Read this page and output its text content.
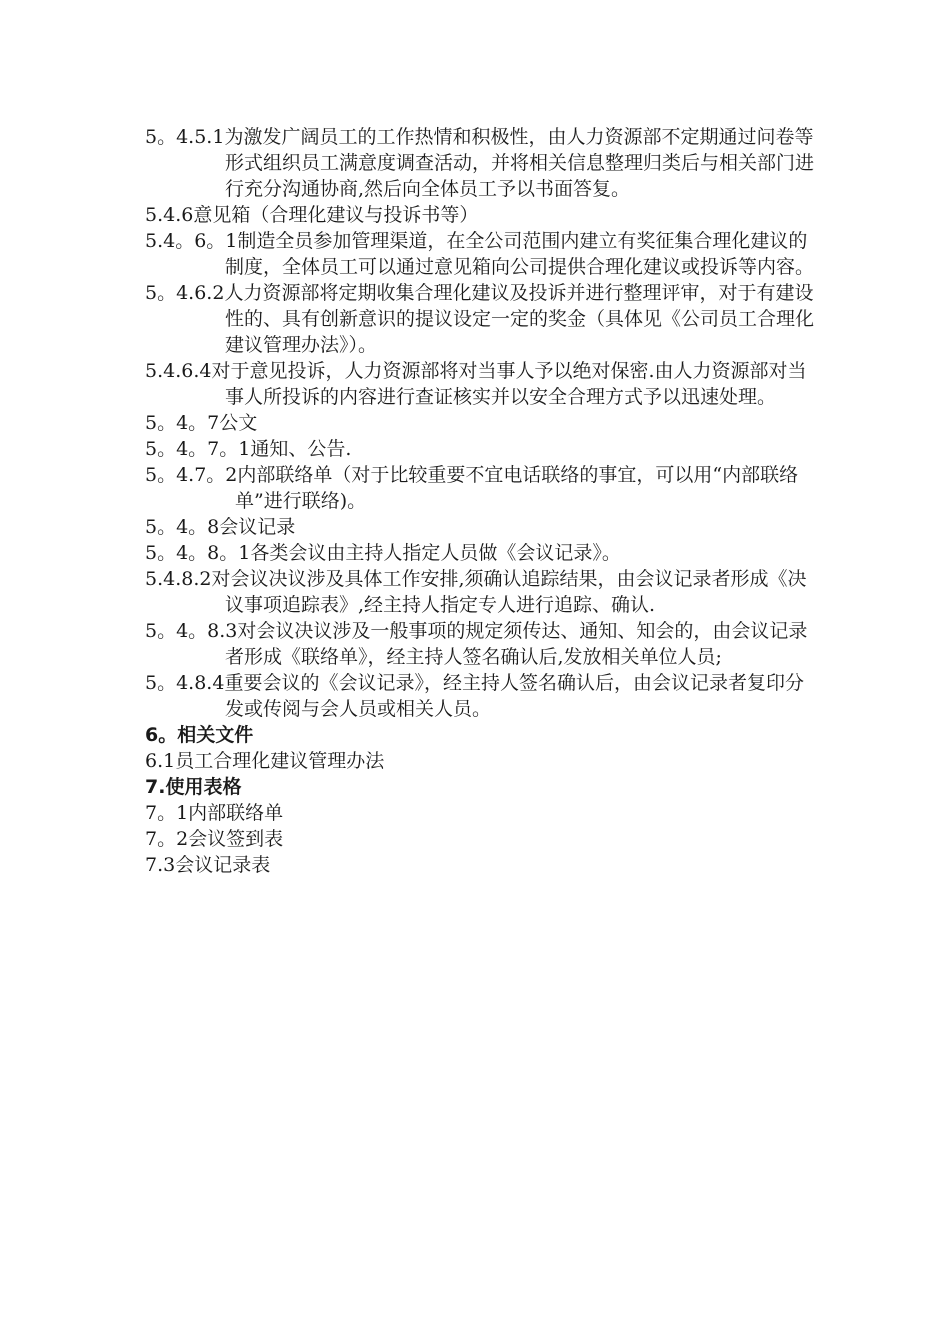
5。4.5.1为激发广阔员工的工作热情和积极性，由人力资源部不定期通过问卷等形式组织员工满意度调查活动，并将相关信息整理归类后与相关部门进行充分沟通协商,然后向全体员工予以书面答复。

5.4.6意见箱（合理化建议与投诉书等）

5.4。6。1制造全员参加管理渠道，在全公司范围内建立有奖征集合理化建议的制度，全体员工可以通过意见箱向公司提供合理化建议或投诉等内容。

5。4.6.2人力资源部将定期收集合理化建议及投诉并进行整理评审，对于有建设性的、具有创新意识的提议设定一定的奖金（具体见《公司员工合理化建议管理办法》）。

5.4.6.4对于意见投诉，人力资源部将对当事人予以绝对保密.由人力资源部对当事人所投诉的内容进行查证核实并以安全合理方式予以迅速处理。

5。4。7公文

5。4。7。1通知、公告.

5。4.7。2内部联络单（对于比较重要不宜电话联络的事宜，可以用“内部联络单”进行联络)。

5。4。8会议记录

5。4。8。1各类会议由主持人指定人员做《会议记录》。

5.4.8.2对会议决议涉及具体工作安排,须确认追踪结果，由会议记录者形成《决议事项追踪表》,经主持人指定专人进行追踪、确认.

5。4。8.3对会议决议涉及一般事项的规定须传达、通知、知会的，由会议记录者形成《联络单》，经主持人签名确认后,发放相关单位人员;

5。4.8.4重要会议的《会议记录》，经主持人签名确认后，由会议记录者复印分发或传阅与会人员或相关人员。

6。相关文件

6.1员工合理化建议管理办法

7.使用表格

7。1内部联络单

7。2会议签到表

7.3会议记录表
